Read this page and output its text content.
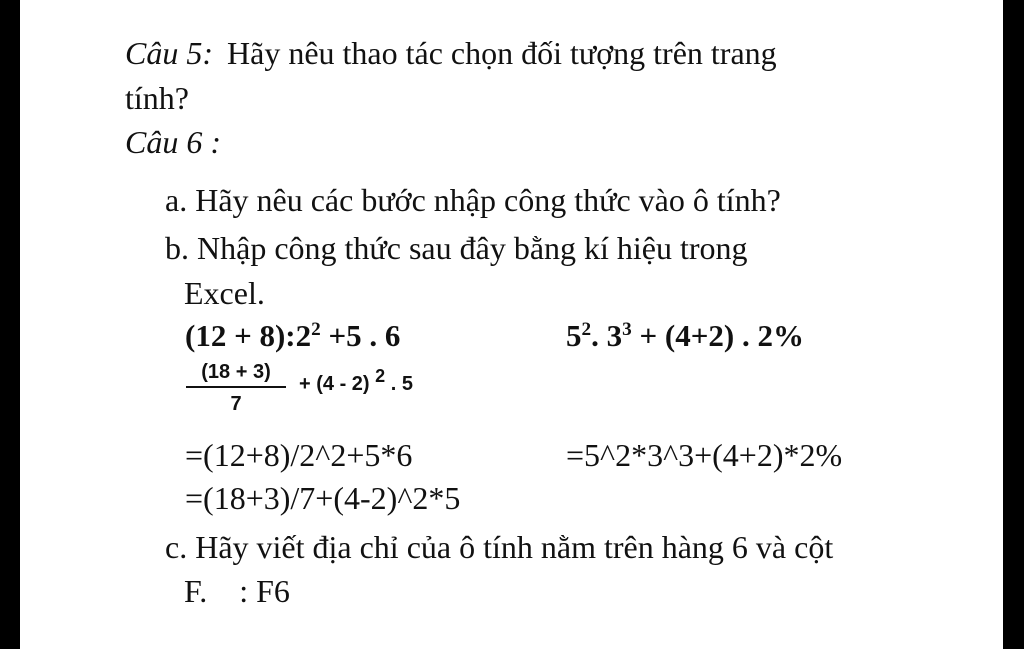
Câu 5: Hãy nêu thao tác chọn đối tượng trên trang
tính?
Câu 6 :
a. Hãy nêu các bước nhập công thức vào ô tính?
b. Nhập công thức sau đây bằng kí hiệu trong
Excel.
$(12 + 8):2^2 +5$ . 6	$5^2$. $3^3 + (4+2)$ . 2%
$\frac{(18 + 3)}{7} + (4 - 2)$ $^2$ . 5
=(12+8)/2^2+5*6	=5^2*3^3+(4+2)*2%
=(18+3)/7+(4-2)^2*5
c. Hãy viết địa chỉ của ô tính nằm trên hàng 6 và cột
F.    : F6
